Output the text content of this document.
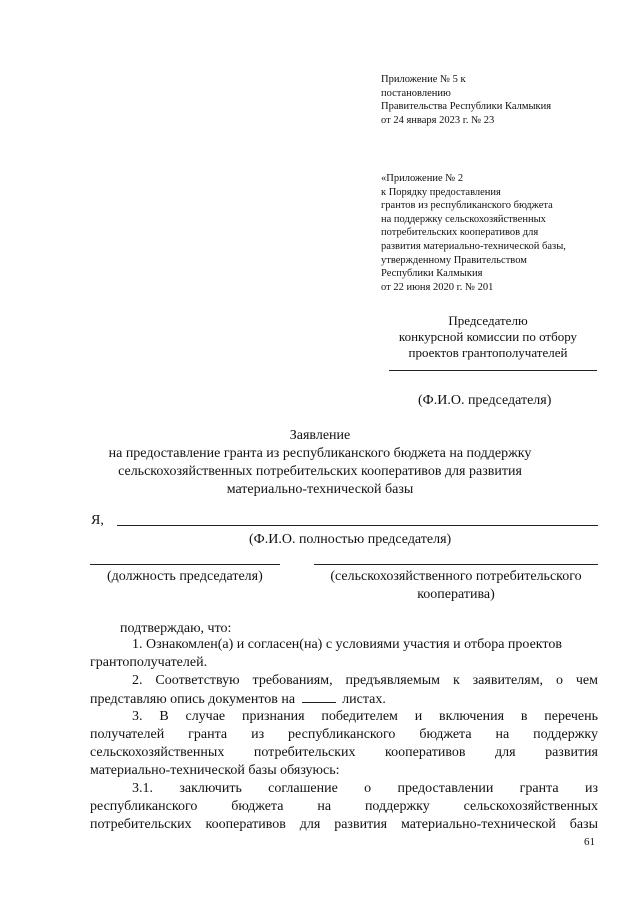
Приложение № 5 к
постановлению
Правительства Республики Калмыкия
от 24 января 2023 г. № 23
«Приложение № 2
к Порядку предоставления
грантов из республиканского бюджета
на поддержку сельскохозяйственных
потребительских кооперативов для
развития материально-технической базы,
утвержденному Правительством
Республики Калмыкия
от 22 июня 2020 г. № 201
Председателю
конкурсной комиссии по отбору
проектов грантополучателей
(Ф.И.О. председателя)
Заявление
на предоставление гранта из республиканского бюджета на поддержку
сельскохозяйственных потребительских кооперативов для развития
материально-технической базы
Я,
(Ф.И.О. полностью председателя)
(должность председателя)	(сельскохозяйственного потребительского
кооператива)
подтверждаю, что:
1. Ознакомлен(а) и согласен(на) с условиями участия и отбора проектов
грантополучателей.
2. Соответствую требованиям, предъявляемым к заявителям, о чем
представляю опись документов на	листах.
3. В случае признания победителем и включения в перечень
получателей гранта из республиканского бюджета на поддержку
сельскохозяйственных потребительских кооперативов для развития
материально-технической базы обязуюсь:
3.1. заключить соглашение о предоставлении гранта из
республиканского бюджета на поддержку сельскохозяйственных
потребительских кооперативов для развития материально-технической базы
61
